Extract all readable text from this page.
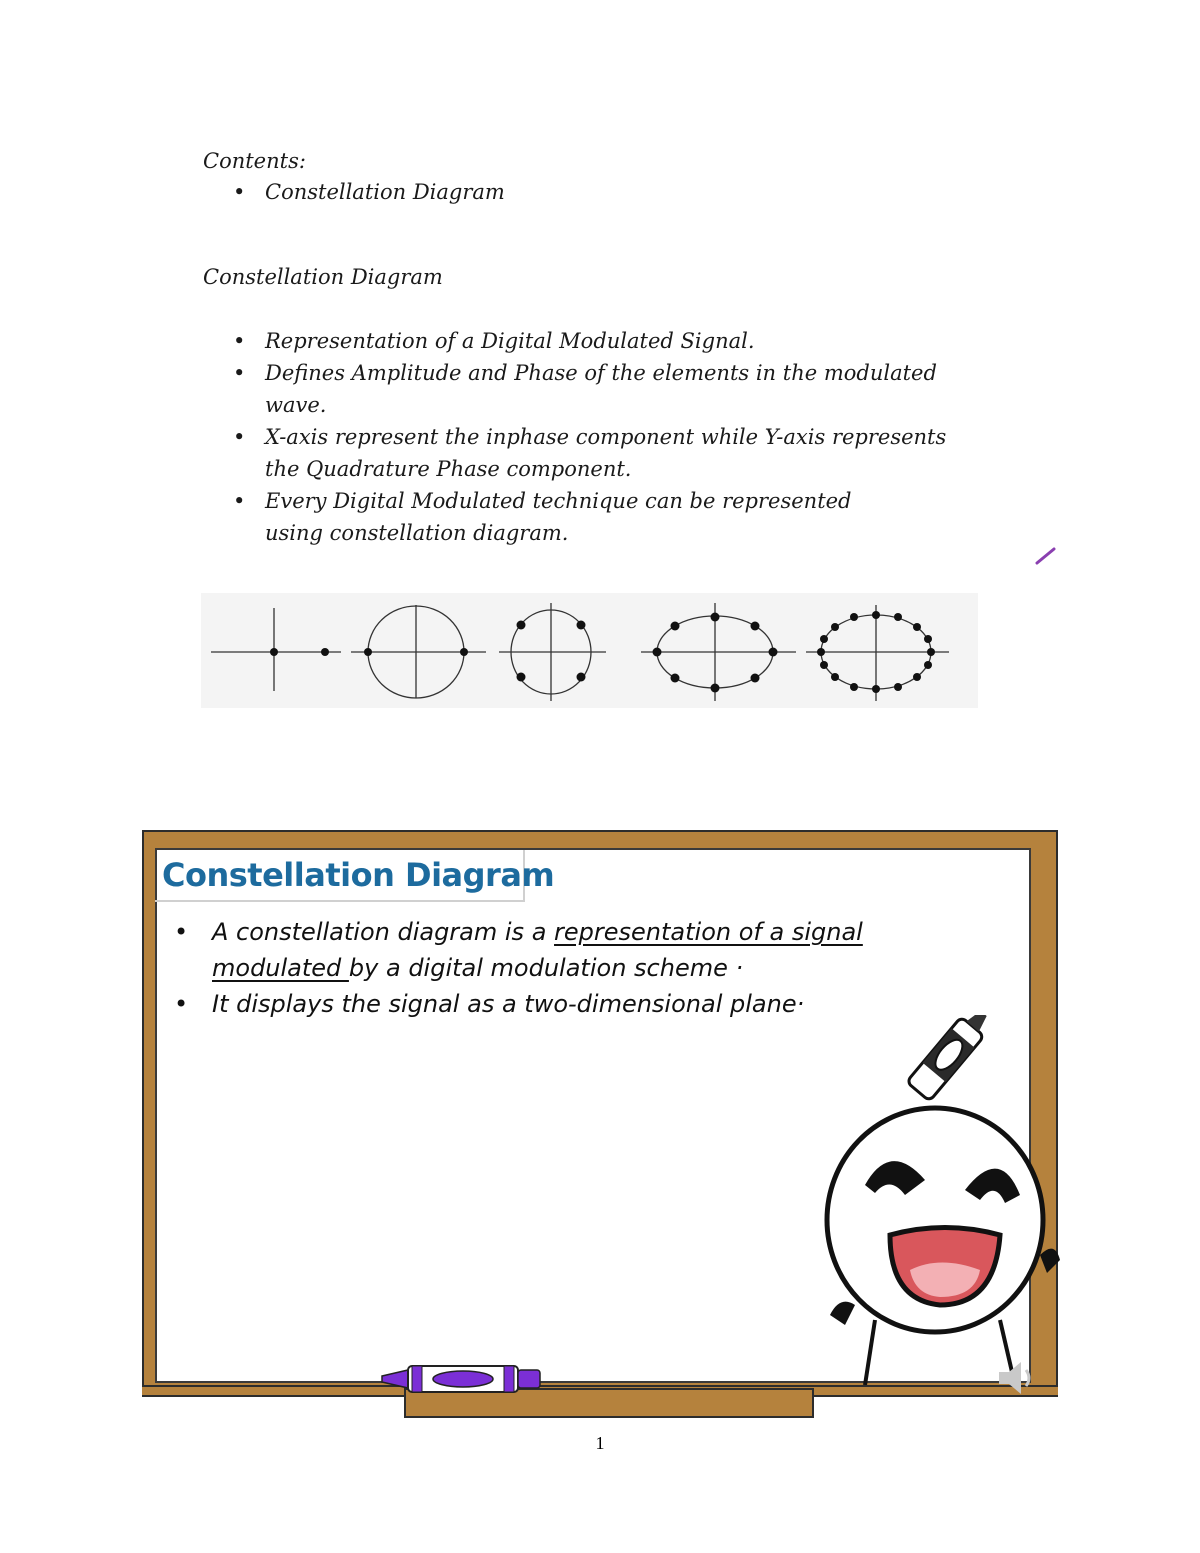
Contents:
• Constellation Diagram
Constellation Diagram
• Representation of a Digital Modulated Signal.
• Defines Amplitude and Phase of the elements in the modulated wave.
• X-axis represent the inphase component while Y-axis represents the Quadrature Phase component.
• Every Digital Modulated technique can be represented using constellation diagram.
Constellation Diagram
• A constellation diagram is a representation of a signal
modulated by a digital modulation scheme ·
• It displays the signal as a two-dimensional plane·
1
